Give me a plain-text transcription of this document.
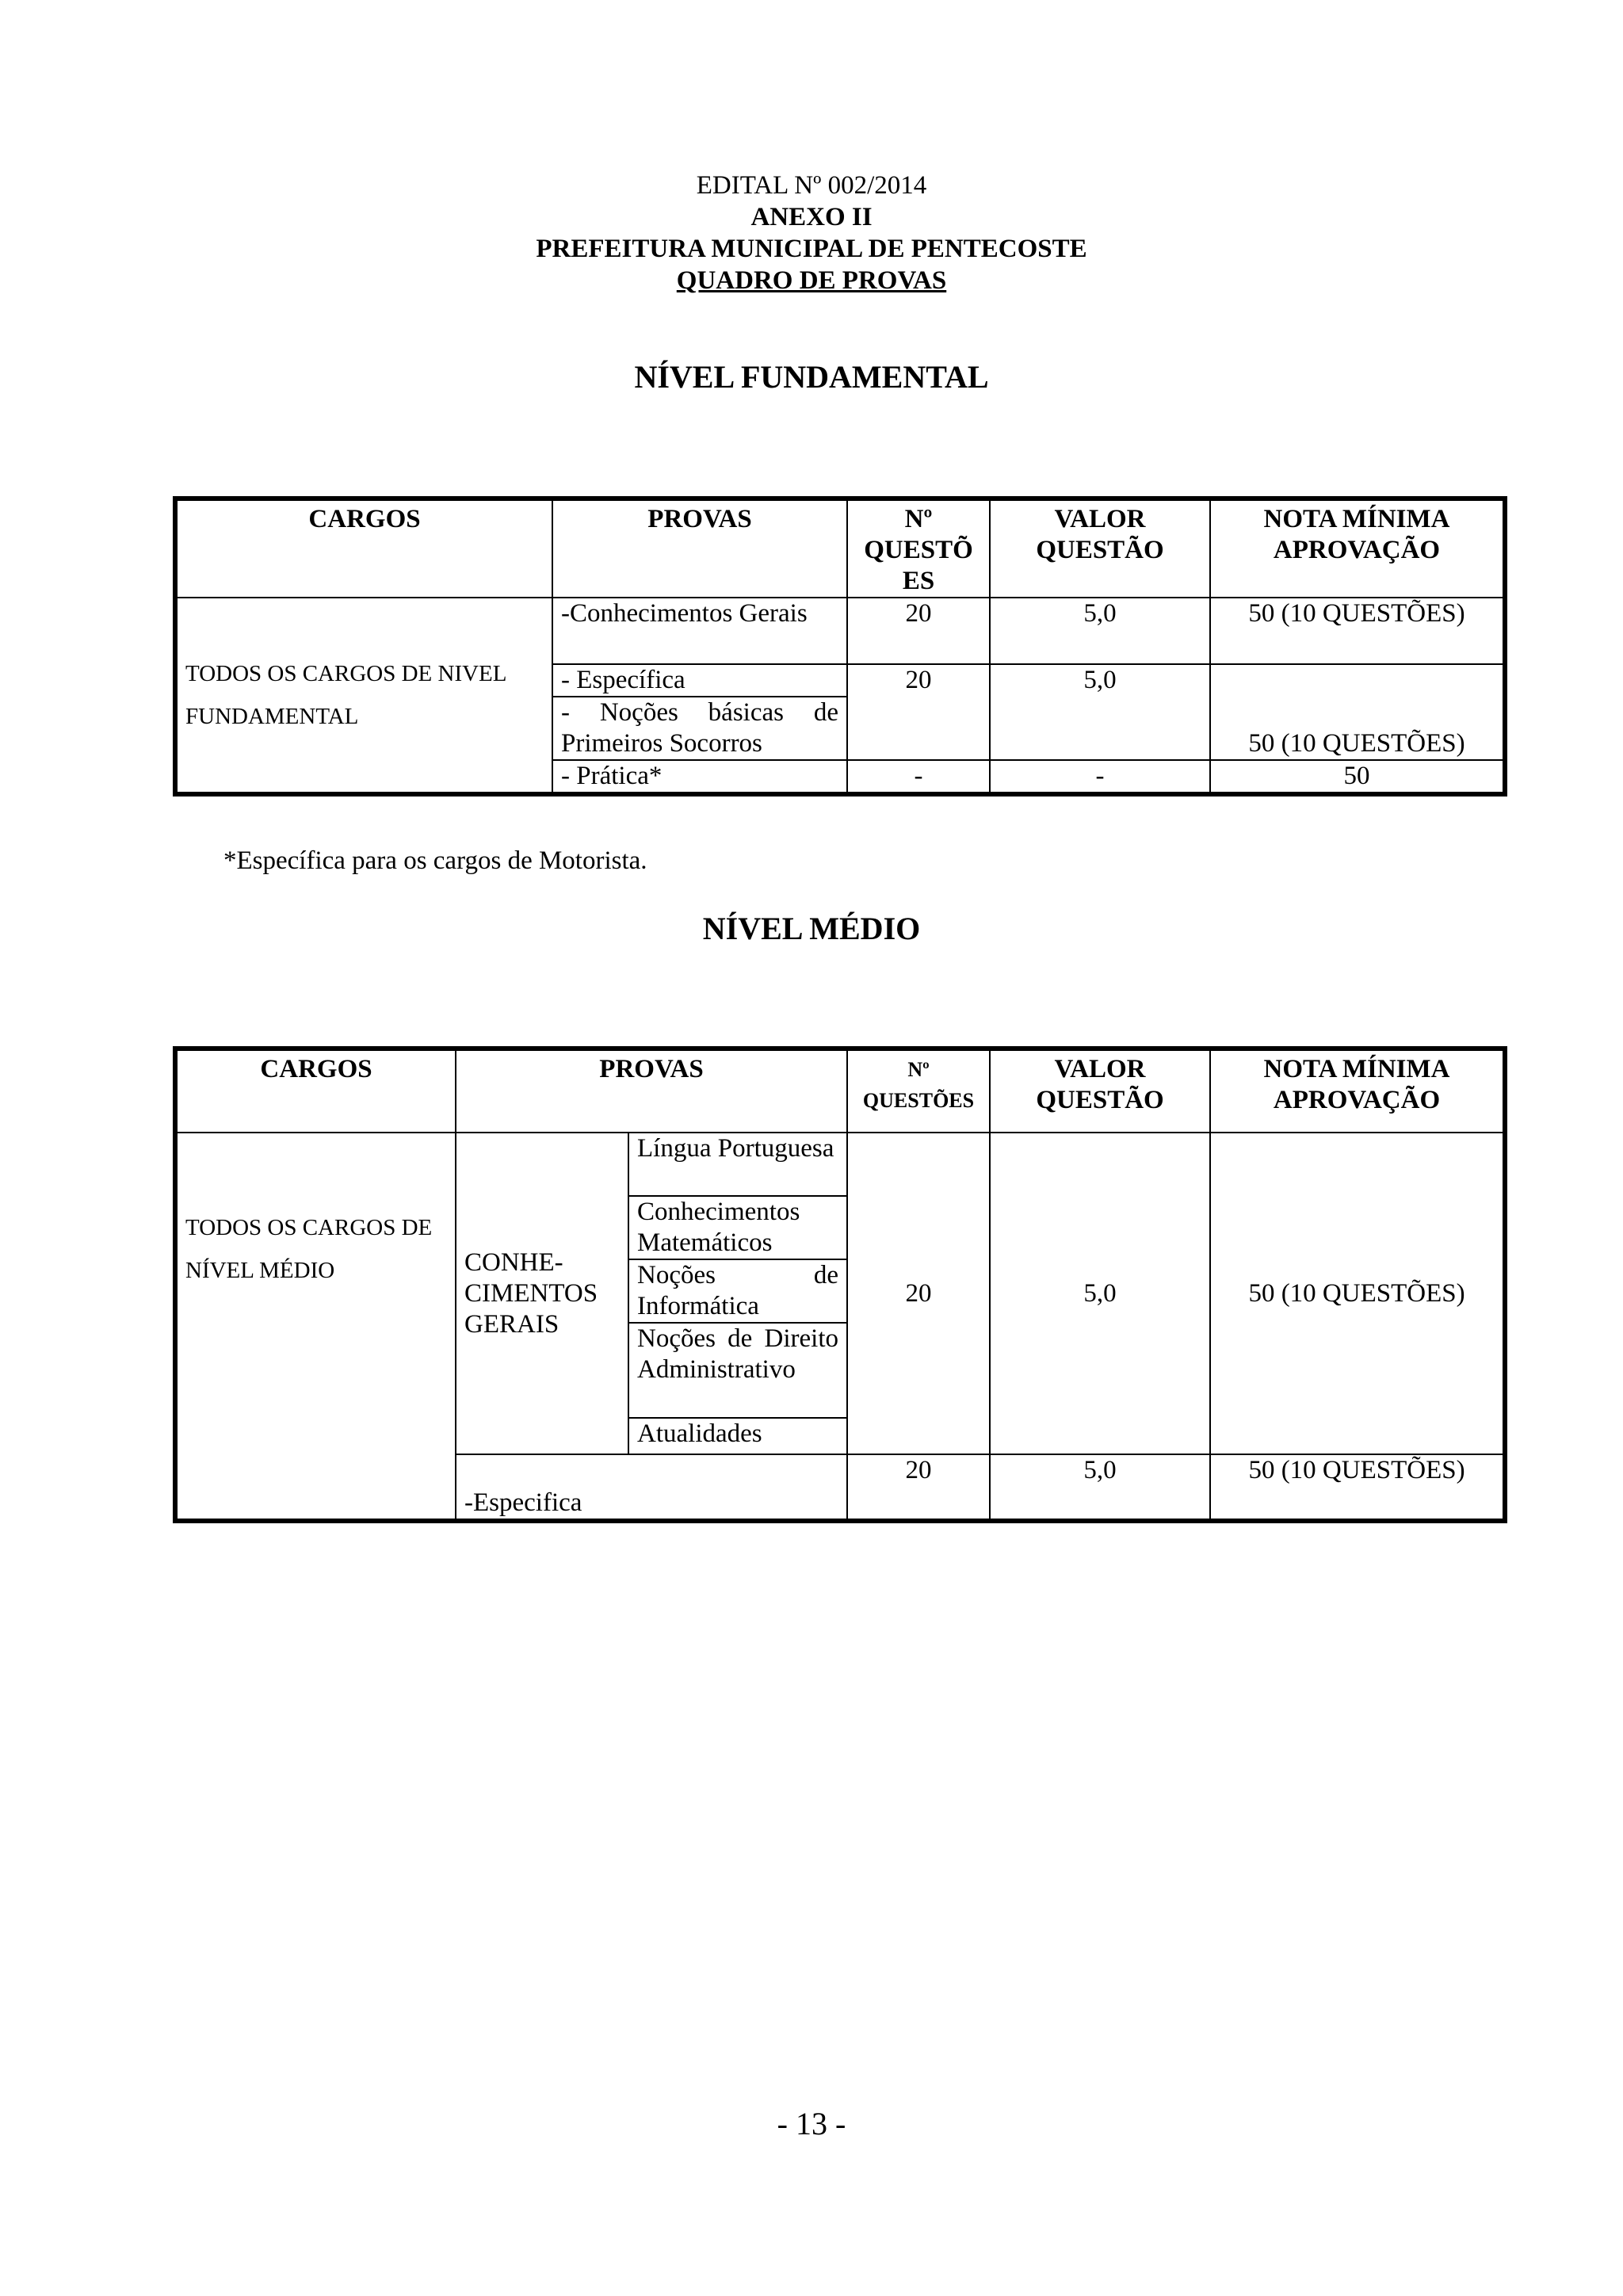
EDITAL Nº 002/2014
ANEXO II
PREFEITURA MUNICIPAL DE PENTECOSTE
QUADRO DE PROVAS
NÍVEL FUNDAMENTAL
CARGOS	PROVAS	Nº QUESTÕ ES	VALOR QUESTÃO	NOTA MÍNIMA APROVAÇÃO
TODOS OS CARGOS DE NIVEL FUNDAMENTAL	-Conhecimentos Gerais	20	5,0	50 (10 QUESTÕES)
	- Específica	20	5,0	50 (10 QUESTÕES)
	- Noções básicas de Primeiros Socorros			
	- Prática*	-	-	50
*Específica para os cargos de Motorista.
NÍVEL MÉDIO
CARGOS	PROVAS		Nº QUESTÕES	VALOR QUESTÃO	NOTA MÍNIMA APROVAÇÃO
TODOS OS CARGOS DE NÍVEL MÉDIO	CONHE- CIMENTOS GERAIS	Língua Portuguesa	20	5,0	50 (10 QUESTÕES)
		Conhecimentos Matemáticos			
		Noções de Informática			
		Noções de Direito Administrativo			
		Atualidades			
	-Especifica		20	5,0	50 (10 QUESTÕES)
- 13 -
